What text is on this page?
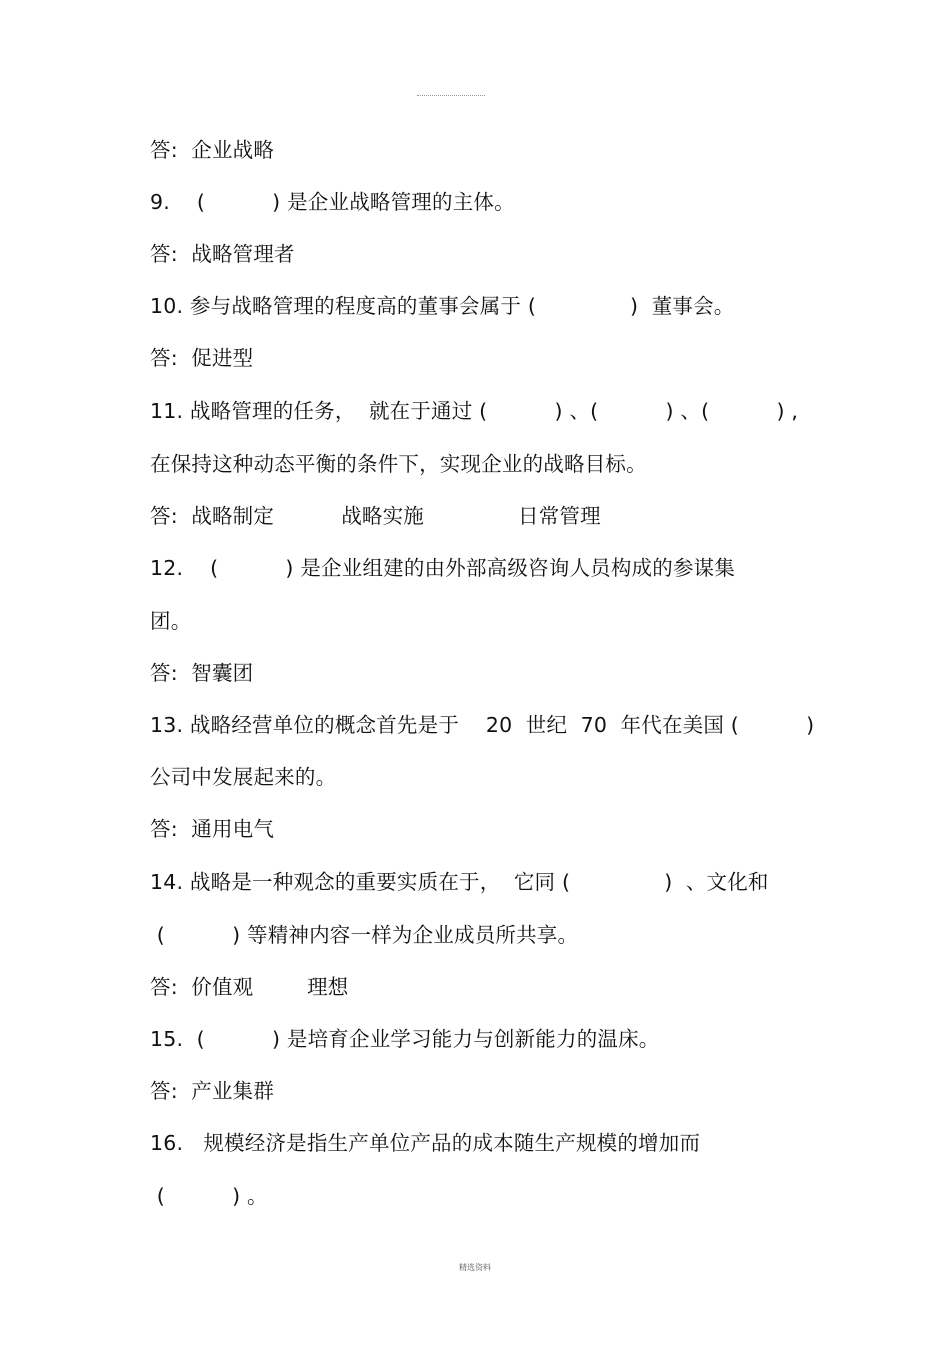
答:  企业战略
9.    (          ) 是企业战略管理的主体。
答:  战略管理者
10. 参与战略管理的程度高的董事会属于 (              )  董事会。
答:  促进型
11. 战略管理的任务，  就在于通过 (          ) 、(          ) 、(          ) ,
在保持这种动态平衡的条件下，实现企业的战略目标。
答:  战略制定          战略实施              日常管理
12.    (          ) 是企业组建的由外部高级咨询人员构成的参谋集
团。
答:  智囊团
13. 战略经营单位的概念首先是于    20  世纪  70  年代在美国 (          )
公司中发展起来的。
答:  通用电气
14. 战略是一种观念的重要实质在于，  它同 (              )  、文化和
(          ) 等精神内容一样为企业成员所共享。
答:  价值观        理想
15.  (          ) 是培育企业学习能力与创新能力的温床。
答:  产业集群
16.   规模经济是指生产单位产品的成本随生产规模的增加而
(          ) 。
精选资料
